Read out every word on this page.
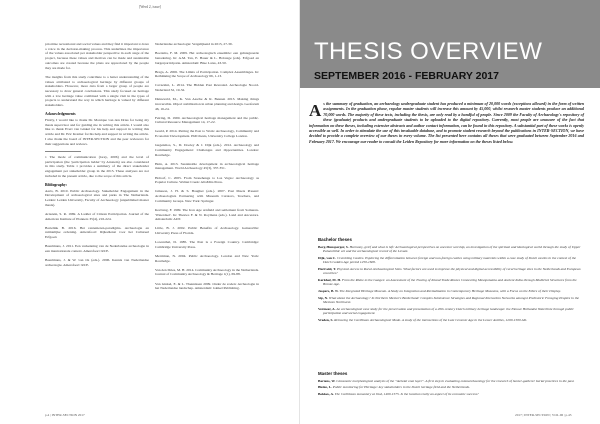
[Werd 2, issue]

prioritise recreational and social values and they find it important to have a voice in the decision-making process. This underlines the importance of the values associated per stakeholder perspective in each stage of the project, because these values and motives can be made and sustainable outcomes are created because the plans are appreciated by the people they are made for.

The insights from this study contribute to a better understanding of the values attributed to archaeological heritage by different groups of stakeholders. However, more data from a larger group of people are necessary to draw general conclusions. This study focused on heritage with a low heritage value combined with a single visit in the types of projects to understand the way in which heritage is valued by different stakeholders.

Acknowledgements

Firstly, I would like to thank Dr. Monique van den Dries for being my thesis supervisor and for guiding me in writing this article. I would also like to thank Evert van Ginkel for his help and support in writing this article and Dr. Eric Kramer for his help and support in writing the article. I also thank the board of INTER-SECTION and the peer reviewers for their suggestions and reviews.

1 The mode of communication (Grey, 2006) and the level of participation (the 'participation ladder' by Arnstein) are also considered in this study. Table 1 provides a summary of the direct stakeholder engagement per stakeholder group in the 2015. These analyses are not included in the present article, due to the scope of this article.

Bibliography:
Aarts, B. 2010. Public Archaeology. Stakeholder Engagement in the Development of archaeological sites and parks in The Netherlands. Leiden: Leiden University, Faculty of Archaeology (unpublished master thesis).
Arnstein, S. R. 1969. A Ladder of Citizen Participation. Journal of the American Institute of Planners 35(4), 216-224.
Bartelink B. 2016. Het rentenieren-paradigma. Archeologie en ruimtelijke ordening. Amersfoort: Rijksdienst voor het Cultureel Erfgoed.
Bazelmans, J. 2011. Een verkenning van de Nederlandse archeologie in een internationale context. Amersfoort: RCE.
Bazelmans, J. & W. van Os (eds.). 2006. Kennis van Nederlandse archeologie. Amersfoort: RCE.
Nederlandse archeologie: Vergelijkend in 2015, 27-39.
Boersma, F. M. 2009. Het archeologisch ensemble: een geïntegreerde benadering. In: A.M. Tan, E. Bauer & L. Holstege (eds). Erfgoed en burgerparticipatie. Amsterdam: Blue Lotus, 43-50.
Braga, A. 2006. The Limits of Participation. Complex Assemblages. In: Rethinking the Scope of Archaeology 66, 1-13.
Cavazzini, L. 2014. The Hidden Past Revealed. Archeologie Noord-Nederland 32, 19-32.
Duineveld, M., K. Van Assche & R. Beunen 2013. Making things irreversible. Object stabilization in urban planning and design. Geoforum 46, 16-24.
Feiring, D. 1990. Archaeological heritage management and the public. Cultural Resource Management 14, 17-22.
Gould, P. 2014. Putting the Past to Work: Archaeology, Community and Economic Development. PhD thesis, University College London.
Gugenmos, S., D. Dooley & J. Dijk (eds.). 2012. Archaeology and Community Engagement: Challenges and Opportunities. London: Routledge.
Hein, A. 2013. Sustainable development in archaeological heritage management. World Archaeology 45(3), 337-351.
Holtorf, C. 2005. From Stonehenge to Las Vegas: Archaeology as Popular Culture. Walnut Creek: AltaMira Press.
Jameson, J. H. & S. Baugher (eds.). 2007. Past Meets Present: Archaeologists Partnering with Museum Curators, Teachers, and Community Groups. New York: Springer.
Kortlang, F. 1999. The Iron Age urnfield and settlement from Someren-'Waterdael'. In: Theuws F. & N. Roymans (eds.). Land and Ancestors. Amsterdam: AUP.
Little, B. J. 2002. Public Benefits of Archaeology. Gainesville: University Press of Florida.
Lowenthal, D. 1985. The Past is a Foreign Country. Cambridge: Cambridge University Press.
Merriman, N. 2004. Public Archaeology. London and New York: Routledge.
Van den Dries, M. H. 2014. Community Archaeology in the Netherlands. Journal of Community Archaeology & Heritage 1(1), 69-88.
Van Ginkel, E. & L. Theunissen 2009. Onder de zoden: Archeologie in het Nederlandse landschap. Amsterdam: Ginkel Publishing.
p.4 | INTER-SECTION 2017
THESIS OVERVIEW
SEPTEMBER 2016 - FEBRUARY 2017
A s the summary of graduation, an archaeology undergraduate student has produced a minimum of 20,000 words (exceptions allowed) in the form of written assignments. In the graduation phase, regular master students will increase this amount by 45,000, whilst research master students produce an additional 70,000 words. The majority of these texts, including the thesis, are only read by a handful of people. Since 2009 the Faculty of Archaeology's repository of these (graduate) products and undergraduate students to be uploaded to the digital repository. Currently, most people are unaware of the fact that information on these theses, including extensive abstracts and author contact information, can be found in this repository. A substantial part of these works is openly accessible as well. In order to stimulate the use of this invaluable database, and to promote student research beyond the publications in INTER-SECTION, we have decided to provide a complete overview of our theses in every volume. The list presented here contains all theses that were graduated between September 2016 and February 2017. We encourage our reader to consult the Leiden Repository for more information on the theses listed below.
Bachelor theses
Borg-Hunsperger, S. Harmony, grief and what is left: Archaeological perspectives on ancestor worship, an investigation of the spiritual and ideological world through the study of Upper Palaeolithic art and the archaeological record of the Levant.
Dijk, van C. Crumbling Castles. Exploring the differentiation between foreign and non-foreign castles using military materials within a case study of Dutch castles in the context of the Dutch Golden Age period 1250-1600.
Hartveld, T. Physical Access to Rural Archaeological Sites. What factors are used to improve the physical and digital accessibility of rural heritage sites in the Netherlands and European countries?
Kerkhof, M. H. From the Rhine to the Ganges: an Assessment of the Tracing of Inland Trade Routes Connecting Mesopotamia and Ancient India through Mudbrick Structures from the Bronze Age.
Jaspers, B. N. The Integrated Heritage Museum. A Study on Integration and Revitalization in Contemporary Heritage Museums, with a Focus on the Ethics of their Display.
Sip, N. What about the Archaeology? In Northern Mexico's Borderland: Complex Subsistence Strategies and Regional Interaction Networks amongst Prehistoric Foraging Peoples in the Mexican Northwest.
Vermeer, A. An archaeological case study for the preservation and presentation of a 20th century Dutch military heritage landscape: the Nieuwe Hollandse Waterlinie through public participation and social engagement.
Vreden, S. Retracing the Caribbean Archaeological Mode. A study of the interactions of the Late Ceramic Age in the Lesser Antilles, 1200-1500 AD.
Master theses
Bartens, W. Glossozoic morphological analysis of the "skeletal coat layer". A first step in evaluating osteoarchaeology for the research of hunter-gatherer burial practices in the past.
Bleize, L. Public monitoring for Heritage: key stakeholders in the Dutch heritage field and the Netherlands.
Bokkes, A. The Caribbean monastery at Oud, 1400-1575. Is the location really an aspect of its economic success?
2017 | INTER-SECTION | VOL.III | p.43
